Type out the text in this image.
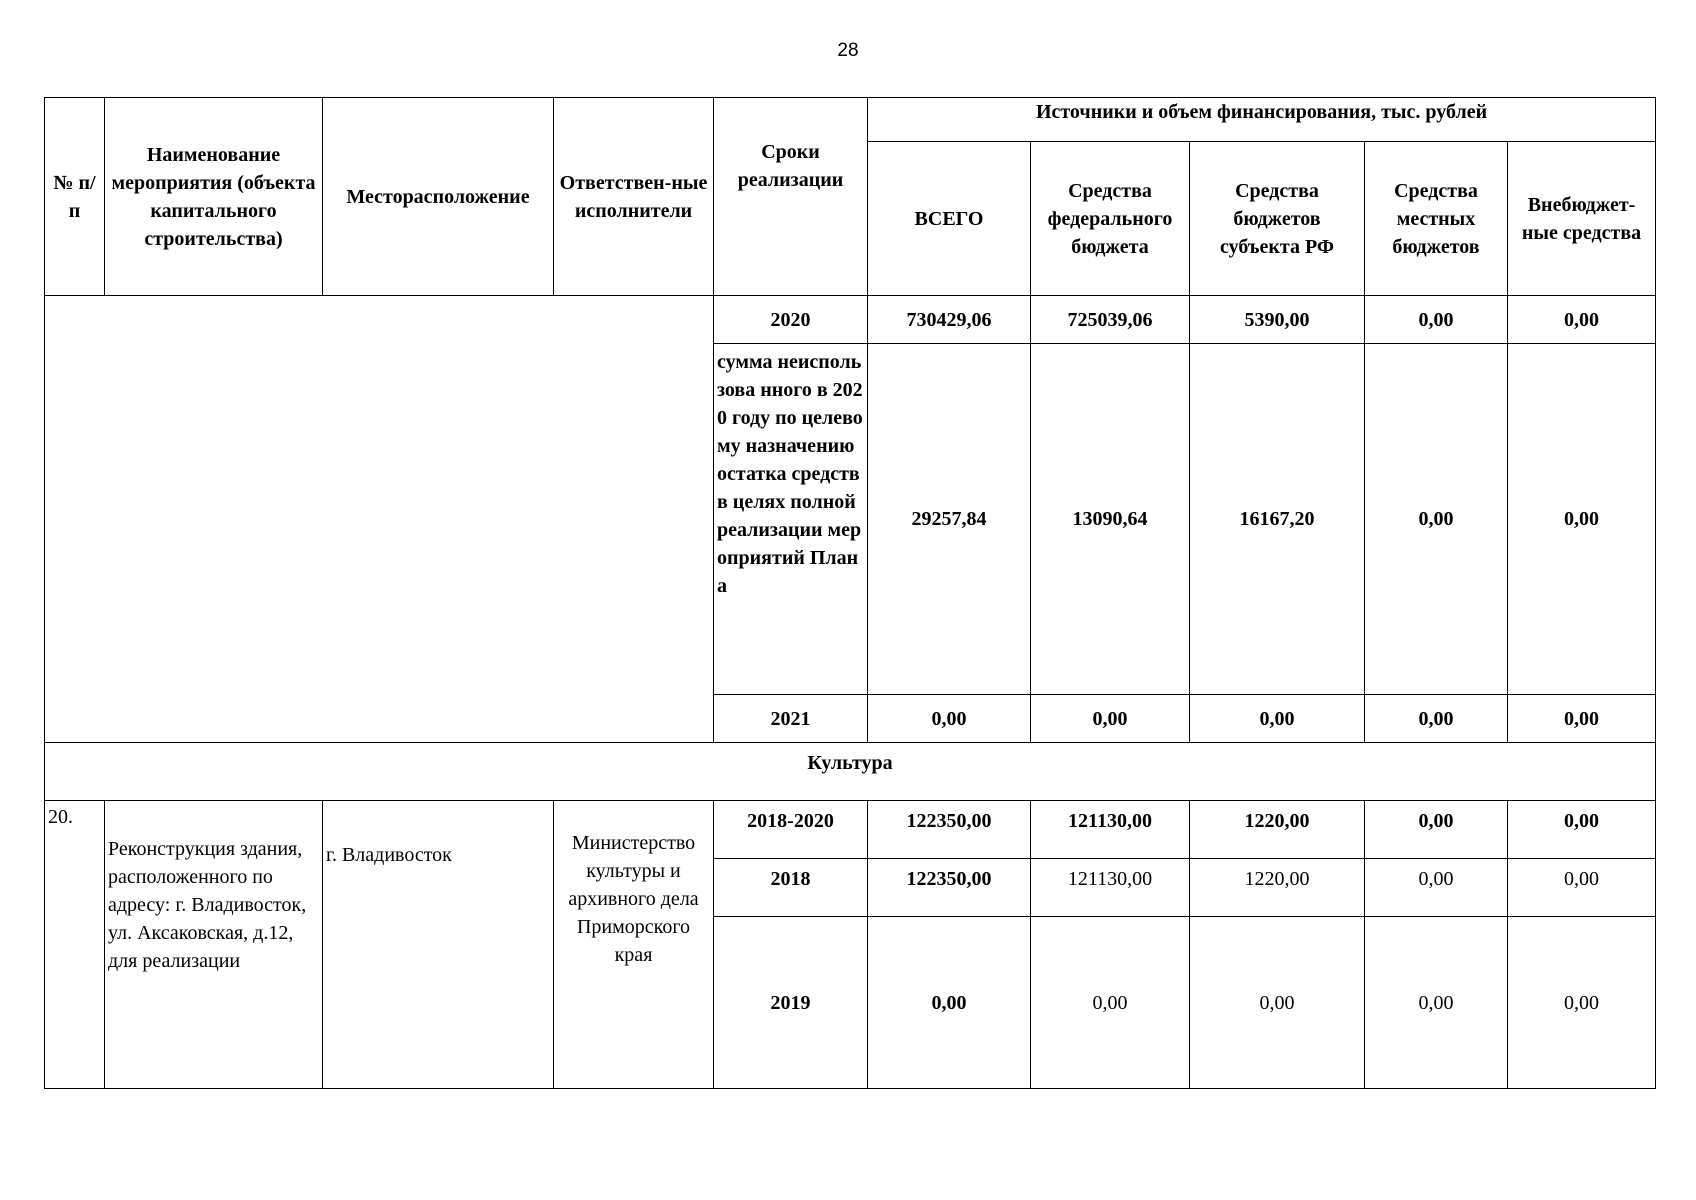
28
№ п/п	Наименование мероприятия (объекта капитального строительства)	Месторасположение	Ответствен-ные исполнители	Сроки реализации	Источники и объем финансирования, тыс. рублей				
					ВСЕГО	Средства федерального бюджета	Средства бюджетов субъекта РФ	Средства местных бюджетов	Внебюджет-ные средства
				2020	730429,06	725039,06	5390,00	0,00	0,00
				сумма неиспользова нного в 2020 году по целевому назначению остатка средств в целях полной реализации мероприятий Плана	29257,84	13090,64	16167,20	0,00	0,00
				2021	0,00	0,00	0,00	0,00	0,00
Культура									
20.	Реконструкция здания, расположенного по адресу: г. Владивосток, ул. Аксаковская, д.12, для реализации	г. Владивосток	Министерство культуры и архивного дела Приморского края	2018-2020	122350,00	121130,00	1220,00	0,00	0,00
				2018	122350,00	121130,00	1220,00	0,00	0,00
				2019	0,00	0,00	0,00	0,00	0,00
